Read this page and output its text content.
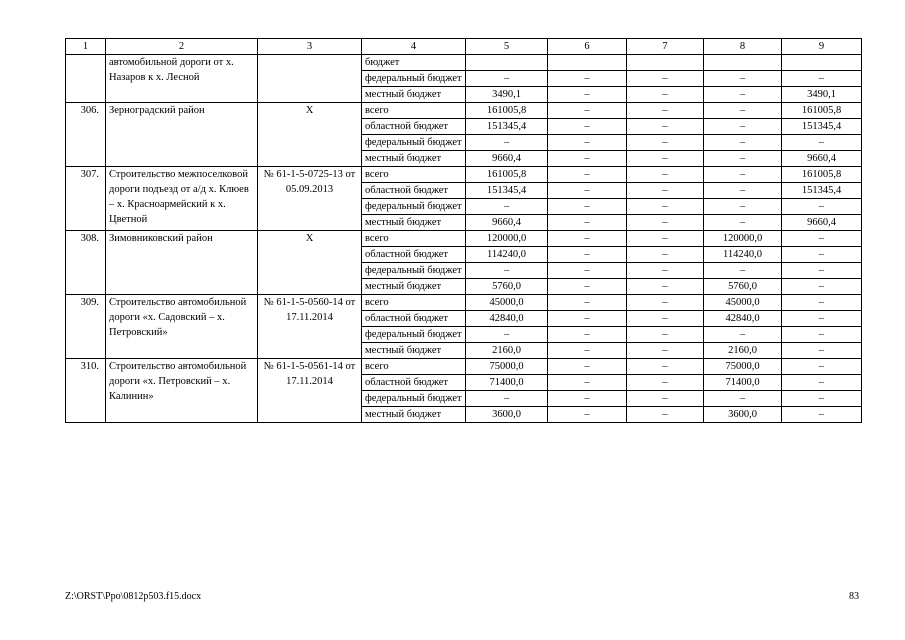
1	2	3	4	5	6	7	8	9
	автомобильной дороги от х. Назаров к х. Лесной		бюджет					
			федеральный бюджет	–	–	–	–	–
			местный бюджет	3490,1	–	–	–	3490,1
306.	Зерноградский район	Х	всего	161005,8	–	–	–	161005,8
			областной бюджет	151345,4	–	–	–	151345,4
			федеральный бюджет	–	–	–	–	–
			местный бюджет	9660,4	–	–	–	9660,4
307.	Строительство межпоселковой дороги подъезд от а/д х. Клюев – х. Красноармейский к х. Цветной	№ 61-1-5-0725-13 от 05.09.2013	всего	161005,8	–	–	–	161005,8
			областной бюджет	151345,4	–	–	–	151345,4
			федеральный бюджет	–	–	–	–	–
			местный бюджет	9660,4	–	–	–	9660,4
308.	Зимовниковский район	Х	всего	120000,0	–	–	120000,0	–
			областной бюджет	114240,0	–	–	114240,0	–
			федеральный бюджет	–	–	–	–	–
			местный бюджет	5760,0	–	–	5760,0	–
309.	Строительство автомобильной дороги «х. Садовский – х. Петровский»	№ 61-1-5-0560-14 от 17.11.2014	всего	45000,0	–	–	45000,0	–
			областной бюджет	42840,0	–	–	42840,0	–
			федеральный бюджет	–	–	–	–	–
			местный бюджет	2160,0	–	–	2160,0	–
310.	Строительство автомобильной дороги «х. Петровский – х. Калинин»	№ 61-1-5-0561-14 от 17.11.2014	всего	75000,0	–	–	75000,0	–
			областной бюджет	71400,0	–	–	71400,0	–
			федеральный бюджет	–	–	–	–	–
			местный бюджет	3600,0	–	–	3600,0	–
Z:\ORST\Ppo\0812p503.f15.docx	83
